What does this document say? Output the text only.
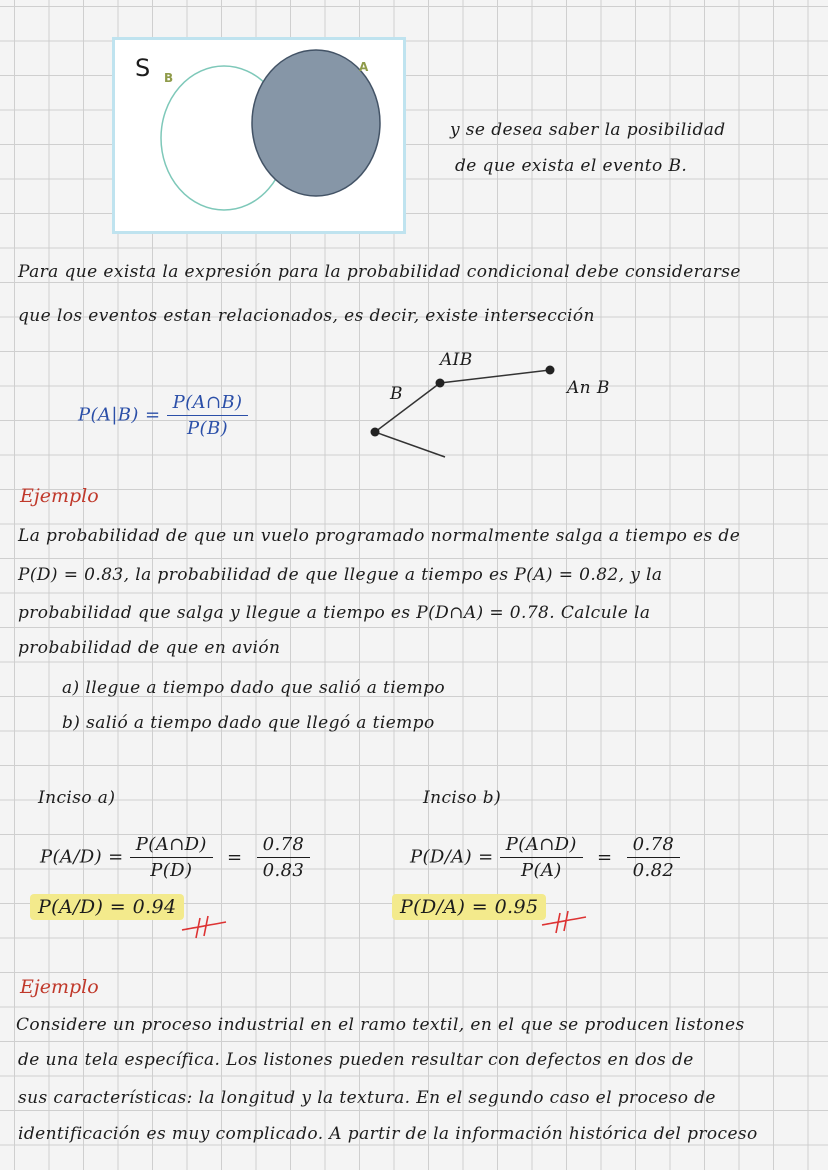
S B
A
y se desea saber la posibilidad
de que exista el evento B.
Para que exista la expresión para la probabilidad condicional debe considerarse
que los eventos estan relacionados, es decir, existe intersección
$P(A|B) = \frac{P(A\cap B)}{P(B)}$	B
AIB
An B
Ejemplo
La probabilidad de que un vuelo programado normalmente salga a tiempo es de
P(D) = 0.83, la probabilidad de que llegue a tiempo es P(A) = 0.82, y la
probabilidad que salga y llegue a tiempo es P(D∩A) = 0.78. Calcule la
probabilidad de que en avión
a) llegue a tiempo dado que salió a tiempo
b) salió a tiempo dado que llegó a tiempo
Inciso a)
$P(A/D) = \frac{P(A\cap D)}{P(D)} = \frac{0.78}{0.83}$
P(A/D) = 0.94
Inciso b)
$P(D/A) = \frac{P(A\cap D)}{P(A)} = \frac{0.78}{0.82}$
P(D/A) = 0.95
Ejemplo
Considere un proceso industrial en el ramo textil, en el que se producen listones
de una tela específica. Los listones pueden resultar con defectos en dos de
sus características: la longitud y la textura. En el segundo caso el proceso de
identificación es muy complicado. A partir de la información histórica del proceso
